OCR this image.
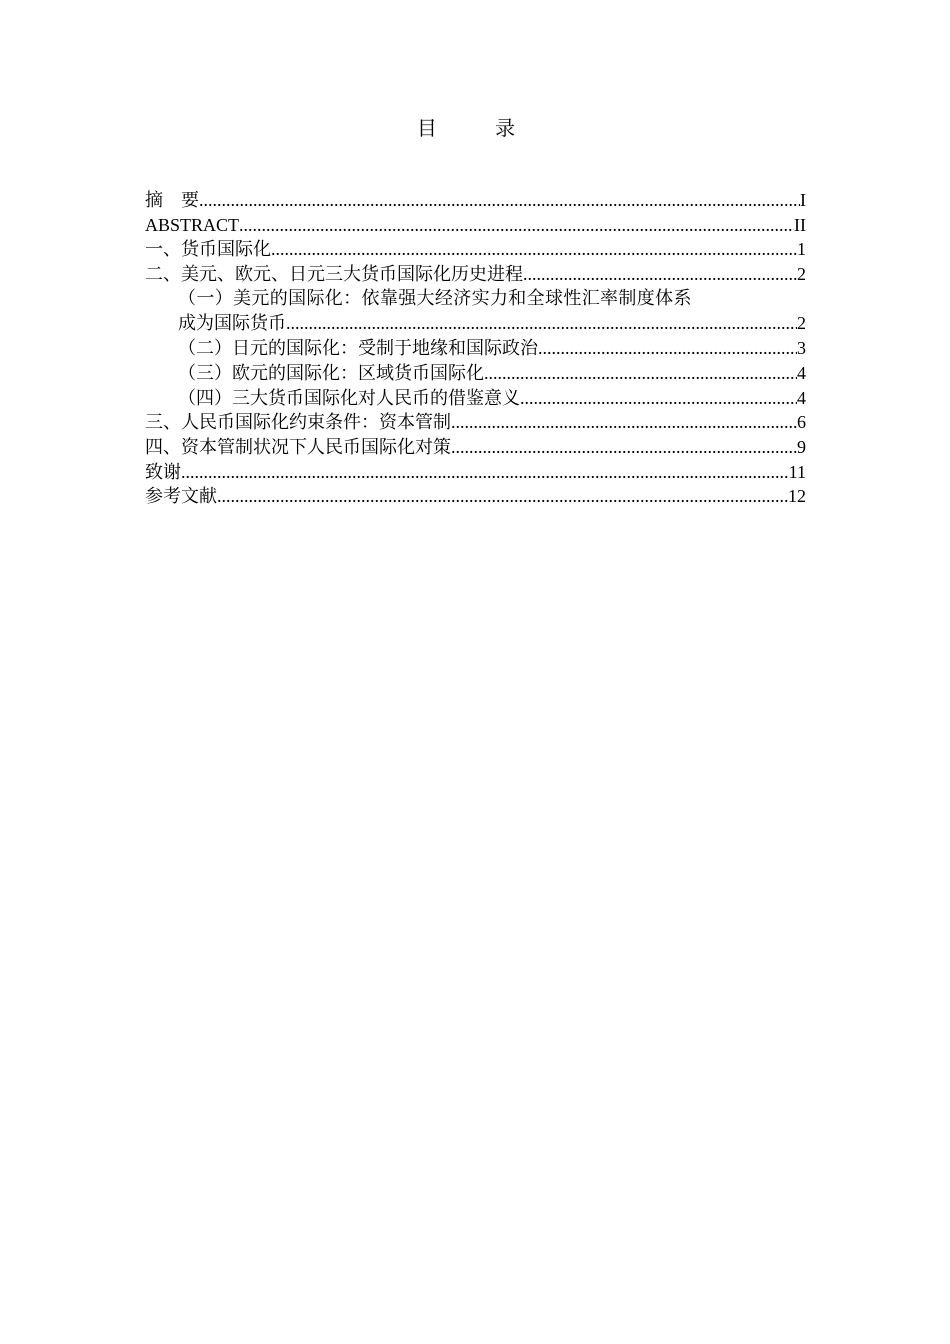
目 录
摘　要 .....	I
ABSTRACT .....	II
一、货币国际化 .....	1
二、美元、欧元、日元三大货币国际化历史进程 .....	2
（一）美元的国际化：依靠强大经济实力和全球性汇率制度体系
成为国际货币 .....	2
（二）日元的国际化：受制于地缘和国际政治 .....	3
（三）欧元的国际化：区域货币国际化 .....	4
（四）三大货币国际化对人民币的借鉴意义 .....	4
三、人民币国际化约束条件：资本管制 .....	6
四、资本管制状况下人民币国际化对策 .....	9
致谢 .....	11
参考文献 .....	12
